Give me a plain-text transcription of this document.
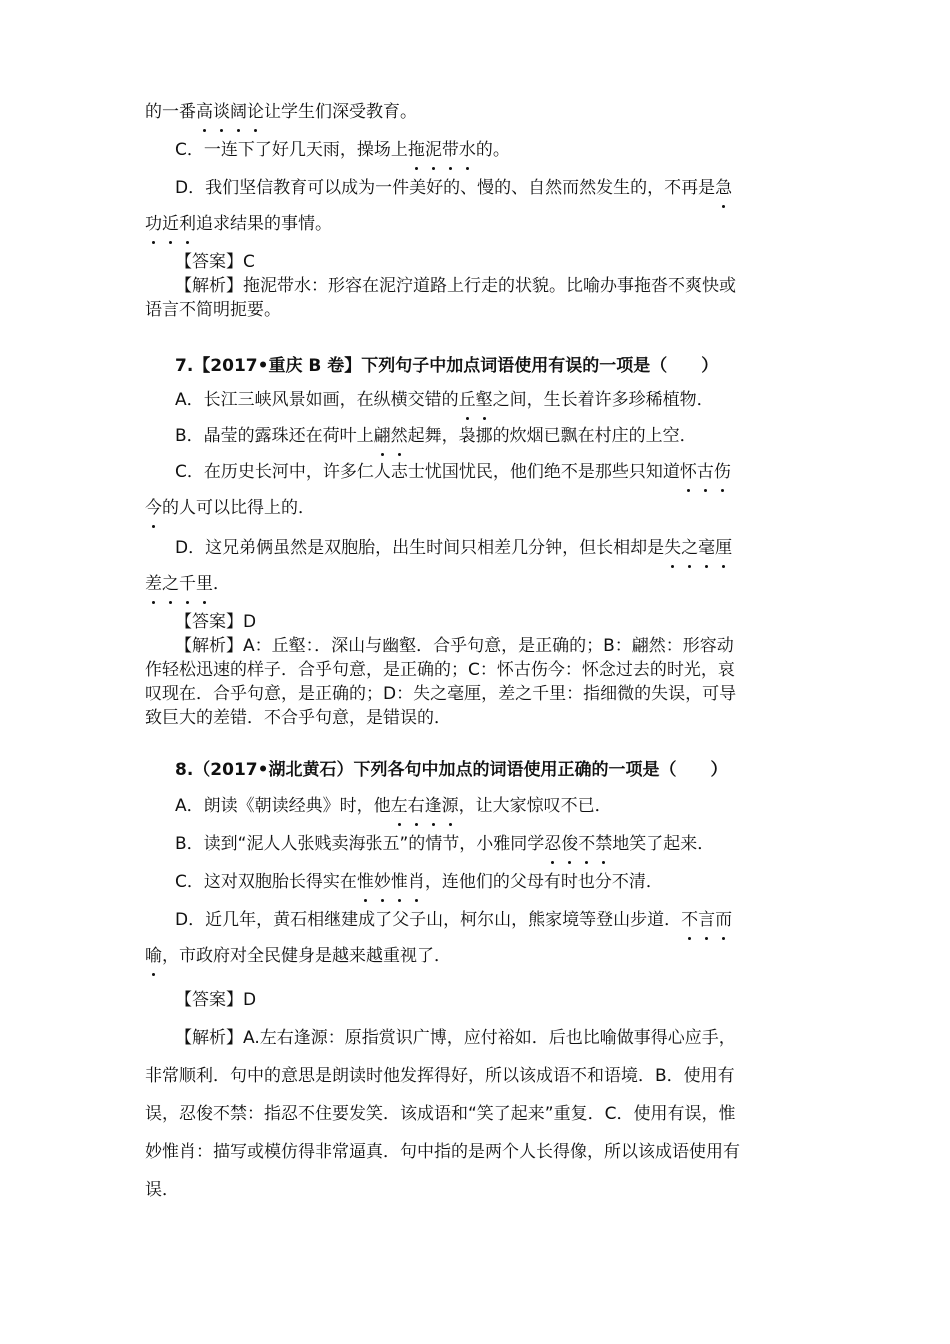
的一番高谈阔论让学生们深受教育。
C．一连下了好几天雨，操场上拖泥带水的。
D．我们坚信教育可以成为一件美好的、慢的、自然而然发生的，不再是急
功近利追求结果的事情。
【答案】C
【解析】拖泥带水：形容在泥泞道路上行走的状貌。比喻办事拖沓不爽快或
语言不简明扼要。
7.【2017•重庆 B 卷】下列句子中加点词语使用有误的一项是（　　）
A．长江三峡风景如画，在纵横交错的丘壑之间，生长着许多珍稀植物．
B．晶莹的露珠还在荷叶上翩然起舞，袅挪的炊烟已飘在村庄的上空．
C．在历史长河中，许多仁人志士忧国忧民，他们绝不是那些只知道怀古伤
今的人可以比得上的．
D．这兄弟俩虽然是双胞胎，出生时间只相差几分钟，但长相却是失之毫厘
差之千里．
【答案】D
【解析】A：丘壑：．深山与幽壑．合乎句意，是正确的；B：翩然：形容动
作轻松迅速的样子．合乎句意，是正确的；C：怀古伤今：怀念过去的时光，哀
叹现在．合乎句意，是正确的；D：失之毫厘，差之千里：指细微的失误，可导
致巨大的差错．不合乎句意，是错误的．
8.（2017•湖北黄石）下列各句中加点的词语使用正确的一项是（　　）
A．朗读《朝读经典》时，他左右逢源，让大家惊叹不已．
B．读到“泥人人张贱卖海张五”的情节，小雅同学忍俊不禁地笑了起来．
C．这对双胞胎长得实在惟妙惟肖，连他们的父母有时也分不清．
D．近几年，黄石相继建成了父子山，柯尔山，熊家境等登山步道．不言而
喻，市政府对全民健身是越来越重视了．
【答案】D
【解析】A.左右逢源：原指赏识广博，应付裕如．后也比喻做事得心应手，
非常顺利．句中的意思是朗读时他发挥得好，所以该成语不和语境．B．使用有
误，忍俊不禁：指忍不住要发笑．该成语和“笑了起来”重复．C．使用有误，惟
妙惟肖：描写或模仿得非常逼真．句中指的是两个人长得像，所以该成语使用有
误．
